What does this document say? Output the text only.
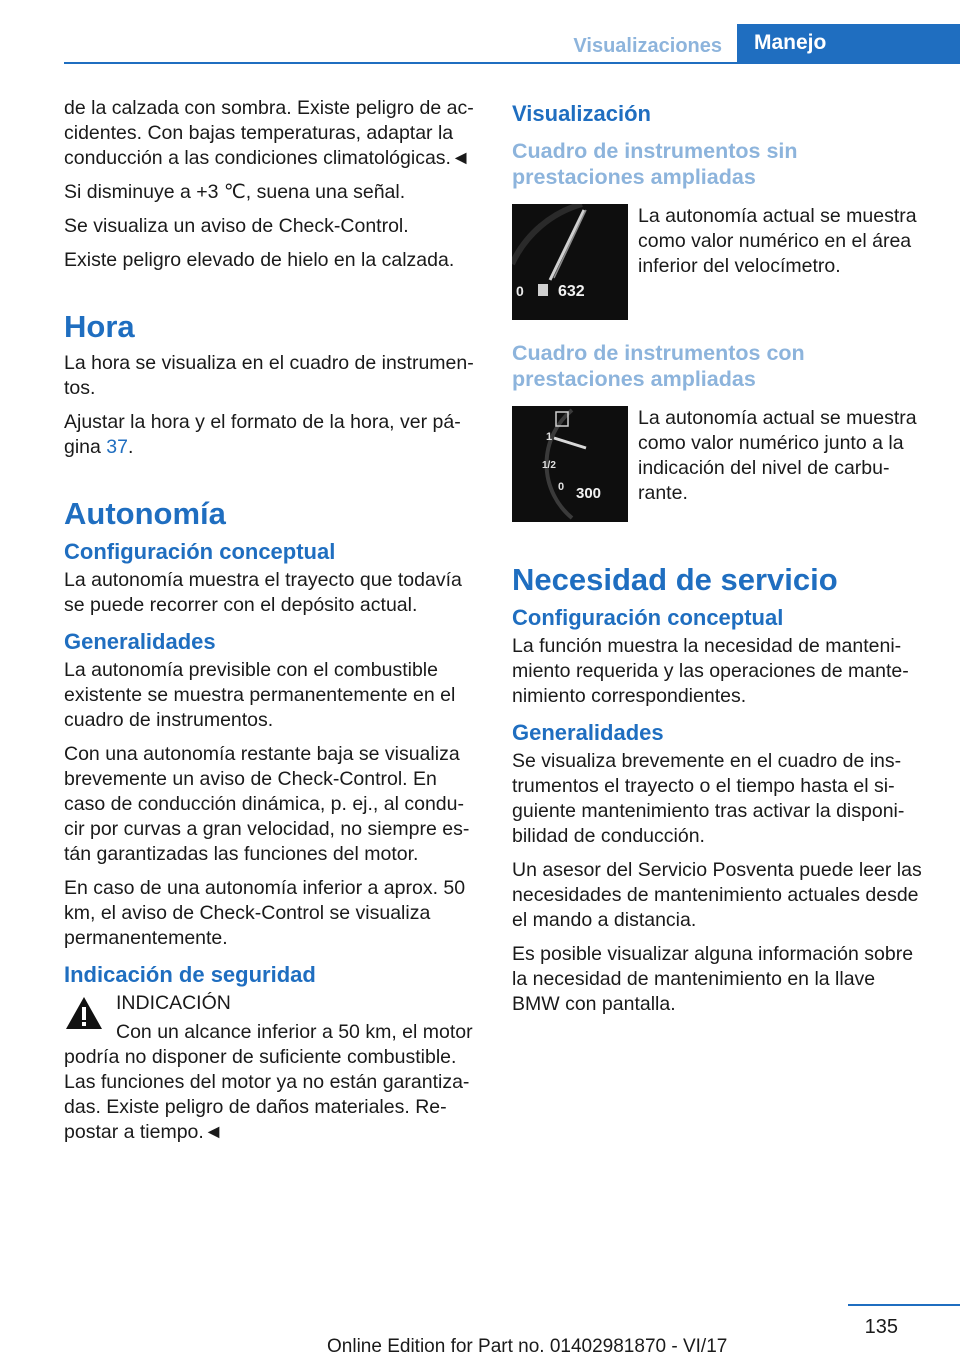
Visualizaciones	Manejo

de la calzada con sombra. Existe peligro de ac-cidentes. Con bajas temperaturas, adaptar la conducción a las condiciones climatológicas.◄

Si disminuye a +3 ℃, suena una señal.

Se visualiza un aviso de Check-Control.

Existe peligro elevado de hielo en la calzada.

Hora

La hora se visualiza en el cuadro de instrumen-tos.

Ajustar la hora y el formato de la hora, ver pá-gina 37.

Autonomía
Configuración conceptual

La autonomía muestra el trayecto que todavía se puede recorrer con el depósito actual.

Generalidades

La autonomía previsible con el combustible existente se muestra permanentemente en el cuadro de instrumentos.

Con una autonomía restante baja se visualiza brevemente un aviso de Check-Control. En caso de conducción dinámica, p. ej., al condu-cir por curvas a gran velocidad, no siempre es-tán garantizadas las funciones del motor.

En caso de una autonomía inferior a aprox. 50 km, el aviso de Check-Control se visualiza permanentemente.

Indicación de seguridad
INDICACIÓN

Con un alcance inferior a 50 km, el motor podría no disponer de suficiente combustible. Las funciones del motor ya no están garantiza-das. Existe peligro de daños materiales. Re-postar a tiempo.◄

Visualización
Cuadro de instrumentos sin prestaciones ampliadas
0 632

La autonomía actual se muestra como valor numérico en el área inferior del velocímetro.

Cuadro de instrumentos con prestaciones ampliadas
1
1/2
0 300

La autonomía actual se muestra como valor numérico junto a la indicación del nivel de carbu-rante.

Necesidad de servicio
Configuración conceptual

La función muestra la necesidad de manteni-miento requerida y las operaciones de mante-nimiento correspondientes.

Generalidades

Se visualiza brevemente en el cuadro de ins-trumentos el trayecto o el tiempo hasta el si-guiente mantenimiento tras activar la disponi-bilidad de conducción.

Un asesor del Servicio Posventa puede leer las necesidades de mantenimiento actuales desde el mando a distancia.

Es posible visualizar alguna información sobre la necesidad de mantenimiento en la llave BMW con pantalla.

135
Online Edition for Part no. 01402981870 - VI/17
